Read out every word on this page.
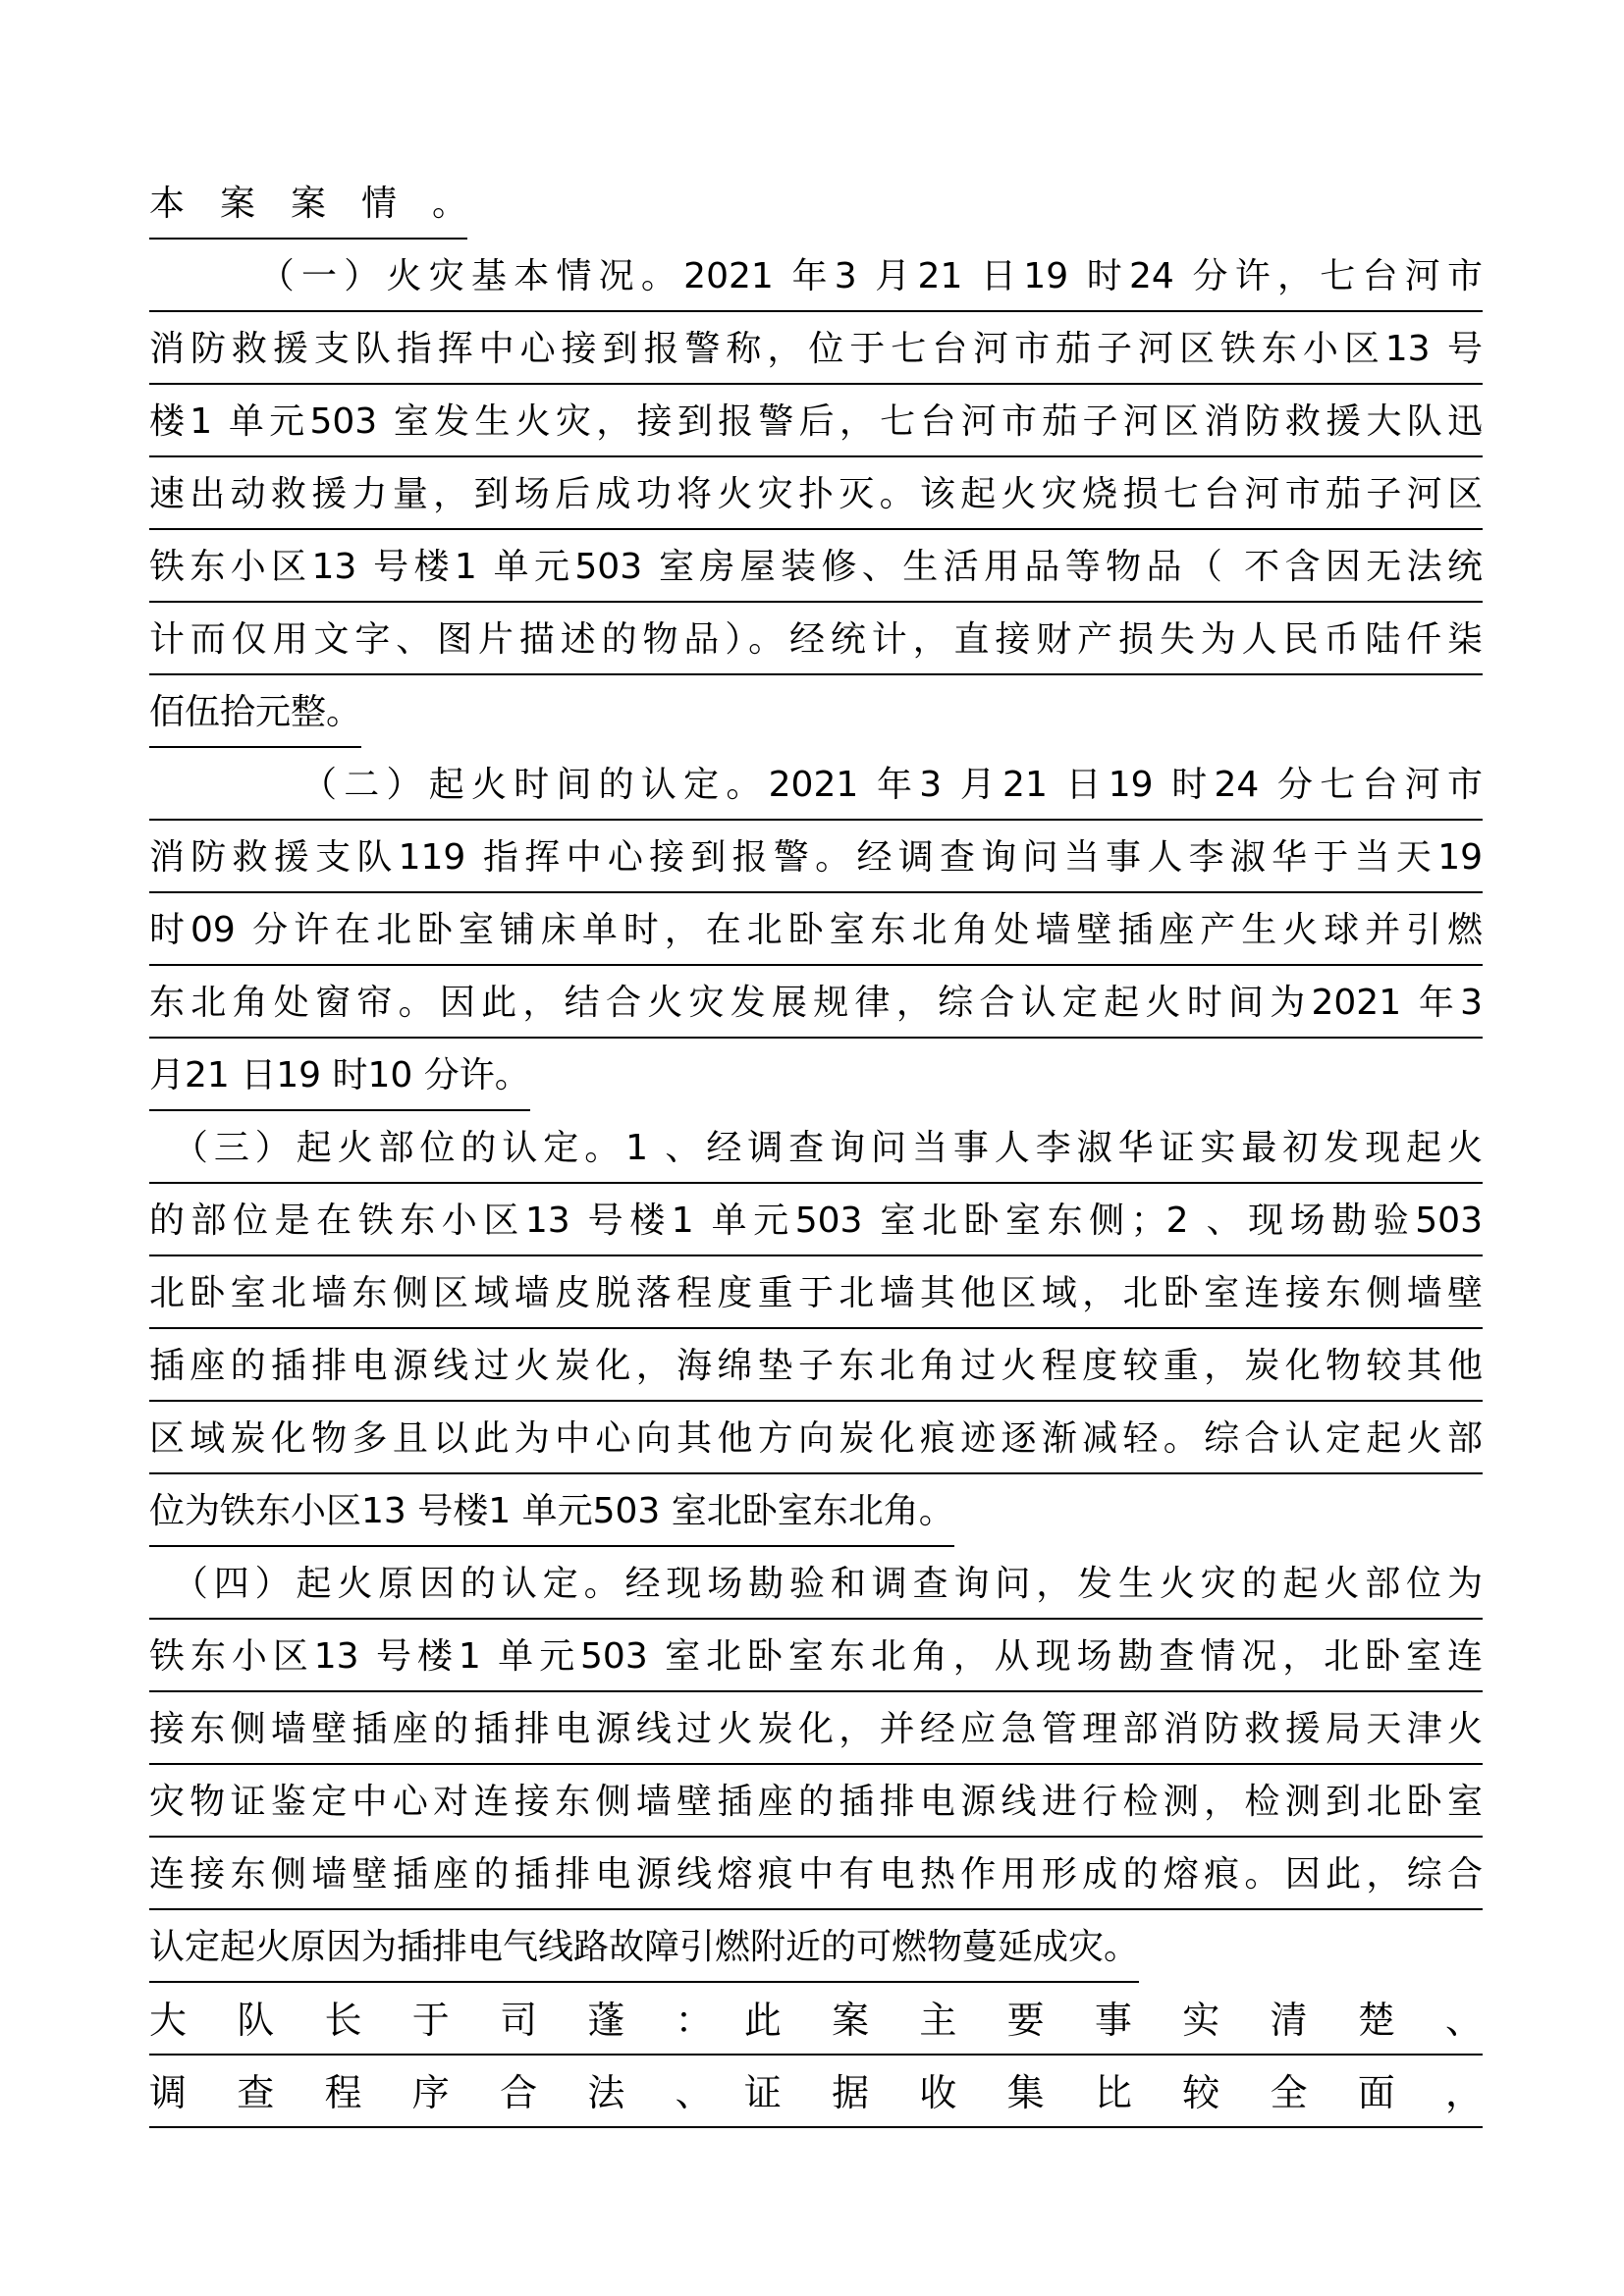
本　案　案　情　。
　　　（一）火灾基本情况。2021 年3 月21 日19 时24 分许，七台河市
消防救援支队指挥中心接到报警称，位于七台河市茄子河区铁东小区13 号
楼1 单元503 室发生火灾，接到报警后，七台河市茄子河区消防救援大队迅
速出动救援力量，到场后成功将火灾扑灭。该起火灾烧损七台河市茄子河区
铁东小区13 号楼1 单元503 室房屋装修、生活用品等物品（ 不含因无法统
计而仅用文字、图片描述的物品）。经统计，直接财产损失为人民币陆仟柒
佰伍拾元整。
　　　　（二）起火时间的认定。2021 年3 月21 日19 时24 分七台河市
消防救援支队119 指挥中心接到报警。经调查询问当事人李淑华于当天19
时09 分许在北卧室铺床单时，在北卧室东北角处墙壁插座产生火球并引燃
东北角处窗帘。因此，结合火灾发展规律，综合认定起火时间为2021 年3
月21 日19 时10 分许。
　（三）起火部位的认定。1 、经调查询问当事人李淑华证实最初发现起火
的部位是在铁东小区13 号楼1 单元503 室北卧室东侧；2 、现场勘验503
北卧室北墙东侧区域墙皮脱落程度重于北墙其他区域，北卧室连接东侧墙壁
插座的插排电源线过火炭化，海绵垫子东北角过火程度较重，炭化物较其他
区域炭化物多且以此为中心向其他方向炭化痕迹逐渐减轻。综合认定起火部
位为铁东小区13 号楼1 单元503 室北卧室东北角。
　（四）起火原因的认定。经现场勘验和调查询问，发生火灾的起火部位为
铁东小区13 号楼1 单元503 室北卧室东北角，从现场勘查情况，北卧室连
接东侧墙壁插座的插排电源线过火炭化，并经应急管理部消防救援局天津火
灾物证鉴定中心对连接东侧墙壁插座的插排电源线进行检测，检测到北卧室
连接东侧墙壁插座的插排电源线熔痕中有电热作用形成的熔痕。因此，综合
认定起火原因为插排电气线路故障引燃附近的可燃物蔓延成灾。
大　队　长　于　司　蓬　：　此　案　主　要　事　实　清　楚　、
调　查　程　序　合　法　、　证　据　收　集　比　较　全　面　，
